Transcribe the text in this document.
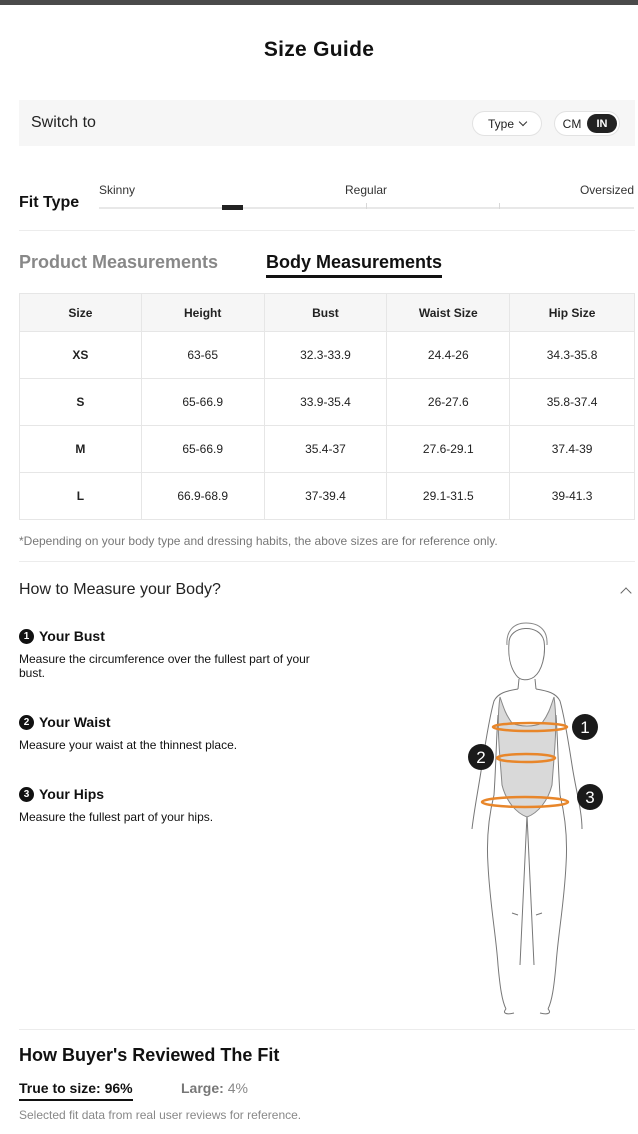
Size Guide
Switch to	Type	CM	IN
Fit Type
Skinny	Regular	Oversized
Product Measurements	Body Measurements
Size	Height	Bust	Waist Size	Hip Size
XS	63-65	32.3-33.9	24.4-26	34.3-35.8
S	65-66.9	33.9-35.4	26-27.6	35.8-37.4
M	65-66.9	35.4-37	27.6-29.1	37.4-39
L	66.9-68.9	37-39.4	29.1-31.5	39-41.3
*Depending on your body type and dressing habits, the above sizes are for reference only.
How to Measure your Body?
1 Your Bust
Measure the circumference over the fullest part of your bust.
2 Your Waist
Measure your waist at the thinnest place.
3 Your Hips
Measure the fullest part of your hips.
1
2
3
How Buyer's Reviewed The Fit
True to size: 96%	Large: 4%
Selected fit data from real user reviews for reference.
